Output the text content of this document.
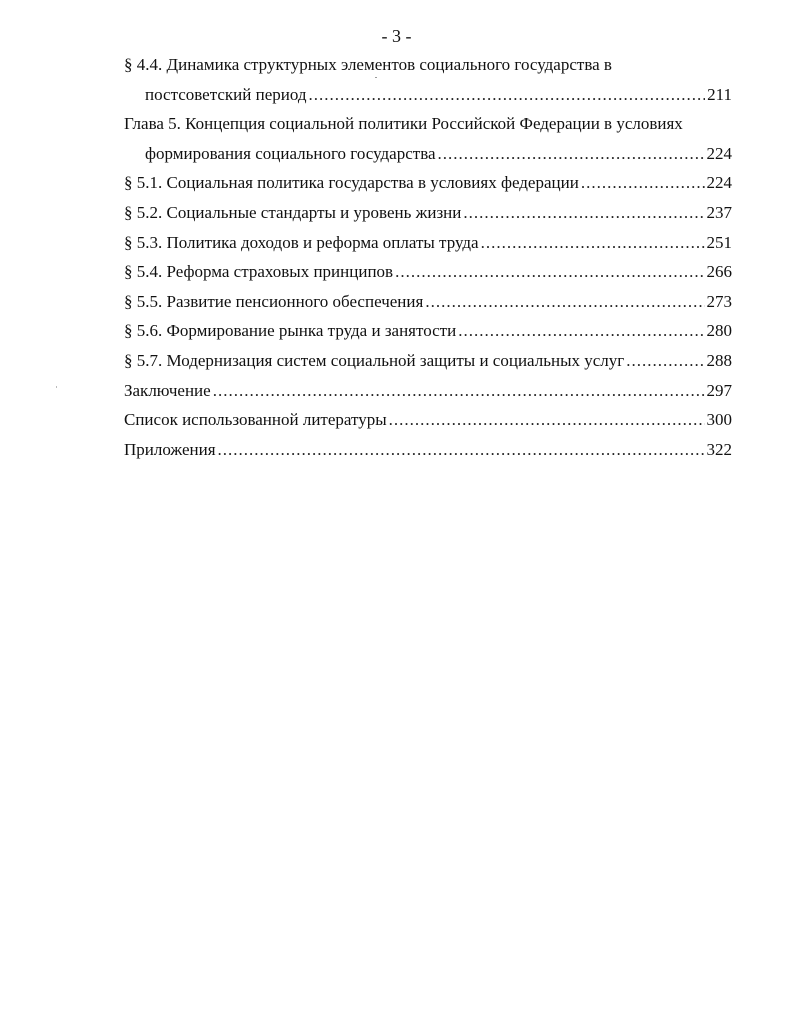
- 3 -
§ 4.4. Динамика структурных элементов социального государства в
постсоветский период .....	211
Глава 5. Концепция социальной политики Российской Федерации в условиях
формирования социального государства .....	224
§ 5.1. Социальная политика государства в условиях федерации .....	224
§ 5.2. Социальные стандарты и уровень жизни .....	237
§ 5.3. Политика доходов и реформа оплаты труда .....	251
§ 5.4. Реформа страховых принципов .....	266
§ 5.5. Развитие пенсионного обеспечения .....	273
§ 5.6. Формирование рынка труда и занятости .....	280
§ 5.7. Модернизация систем социальной защиты и социальных услуг .....	288
Заключение .....	297
Список использованной литературы .....	300
Приложения .....	322
